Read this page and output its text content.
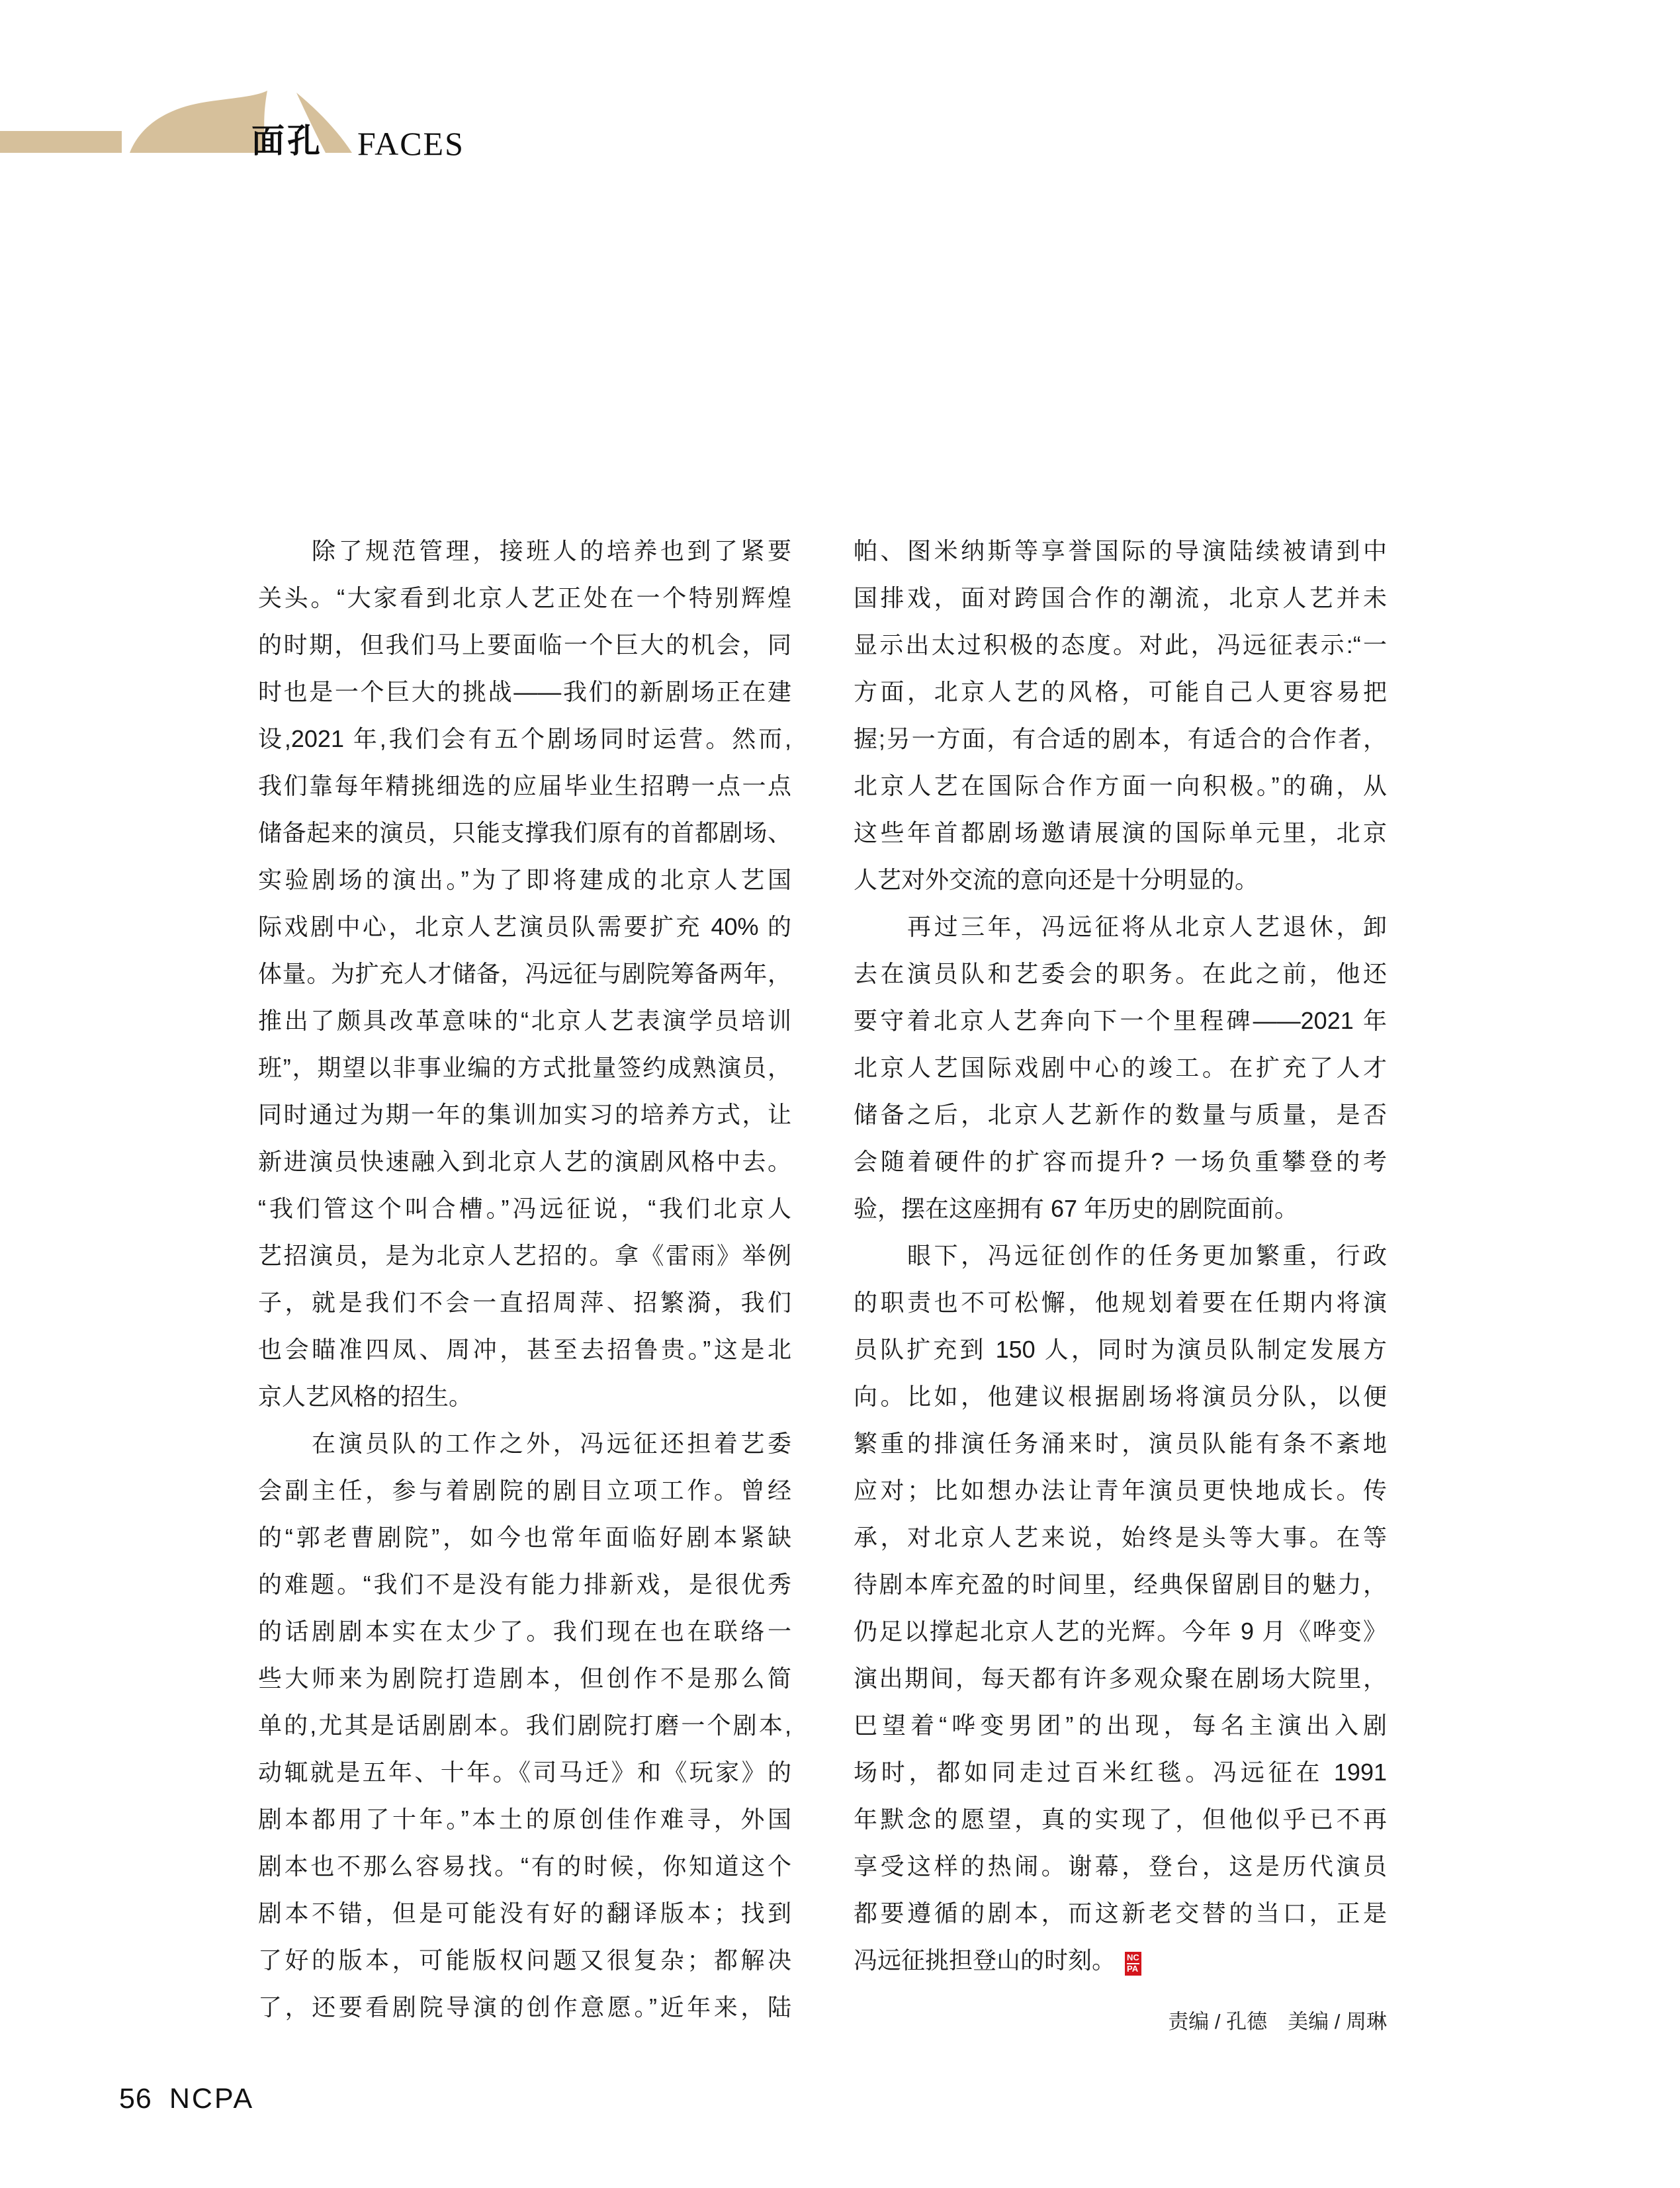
面孔 FACES
　　除了规范管理，接班人的培养也到了紧要
关头。“大家看到北京人艺正处在一个特别辉煌
的时期，但我们马上要面临一个巨大的机会，同
时也是一个巨大的挑战——我们的新剧场正在建
设,2021 年,我们会有五个剧场同时运营。然而,
我们靠每年精挑细选的应届毕业生招聘一点一点
储备起来的演员，只能支撑我们原有的首都剧场、
实验剧场的演出。”为了即将建成的北京人艺国
际戏剧中心，北京人艺演员队需要扩充 40% 的
体量。为扩充人才储备，冯远征与剧院筹备两年，
推出了颇具改革意味的“北京人艺表演学员培训
班”，期望以非事业编的方式批量签约成熟演员，
同时通过为期一年的集训加实习的培养方式，让
新进演员快速融入到北京人艺的演剧风格中去。
“我们管这个叫合槽。”冯远征说，“我们北京人
艺招演员，是为北京人艺招的。拿《雷雨》举例
子，就是我们不会一直招周萍、招繁漪，我们
也会瞄准四凤、周冲，甚至去招鲁贵。”这是北
京人艺风格的招生。
　　在演员队的工作之外，冯远征还担着艺委
会副主任，参与着剧院的剧目立项工作。曾经
的“郭老曹剧院”，如今也常年面临好剧本紧缺
的难题。“我们不是没有能力排新戏，是很优秀
的话剧剧本实在太少了。我们现在也在联络一
些大师来为剧院打造剧本，但创作不是那么简
单的,尤其是话剧剧本。我们剧院打磨一个剧本,
动辄就是五年、十年。《司马迁》和《玩家》的
剧本都用了十年。”本土的原创佳作难寻，外国
剧本也不那么容易找。“有的时候，你知道这个
剧本不错，但是可能没有好的翻译版本；找到
了好的版本，可能版权问题又很复杂；都解决
了，还要看剧院导演的创作意愿。”近年来，陆
帕、图米纳斯等享誉国际的导演陆续被请到中
国排戏，面对跨国合作的潮流，北京人艺并未
显示出太过积极的态度。对此，冯远征表示:“一
方面，北京人艺的风格，可能自己人更容易把
握;另一方面，有合适的剧本，有适合的合作者，
北京人艺在国际合作方面一向积极。”的确，从
这些年首都剧场邀请展演的国际单元里，北京
人艺对外交流的意向还是十分明显的。
　　再过三年，冯远征将从北京人艺退休，卸
去在演员队和艺委会的职务。在此之前，他还
要守着北京人艺奔向下一个里程碑——2021 年
北京人艺国际戏剧中心的竣工。在扩充了人才
储备之后，北京人艺新作的数量与质量，是否
会随着硬件的扩容而提升? 一场负重攀登的考
验，摆在这座拥有 67 年历史的剧院面前。
　　眼下，冯远征创作的任务更加繁重，行政
的职责也不可松懈，他规划着要在任期内将演
员队扩充到 150 人，同时为演员队制定发展方
向。比如，他建议根据剧场将演员分队，以便
繁重的排演任务涌来时，演员队能有条不紊地
应对；比如想办法让青年演员更快地成长。传
承，对北京人艺来说，始终是头等大事。在等
待剧本库充盈的时间里，经典保留剧目的魅力，
仍足以撑起北京人艺的光辉。今年 9 月《哗变》
演出期间，每天都有许多观众聚在剧场大院里，
巴望着“哗变男团”的出现，每名主演出入剧
场时，都如同走过百米红毯。冯远征在 1991
年默念的愿望，真的实现了，但他似乎已不再
享受这样的热闹。谢幕，登台，这是历代演员
都要遵循的剧本，而这新老交替的当口，正是
冯远征挑担登山的时刻。 $\frac{NC}{PA}$
责编 / 孔德　美编 / 周琳
56 NCPA
